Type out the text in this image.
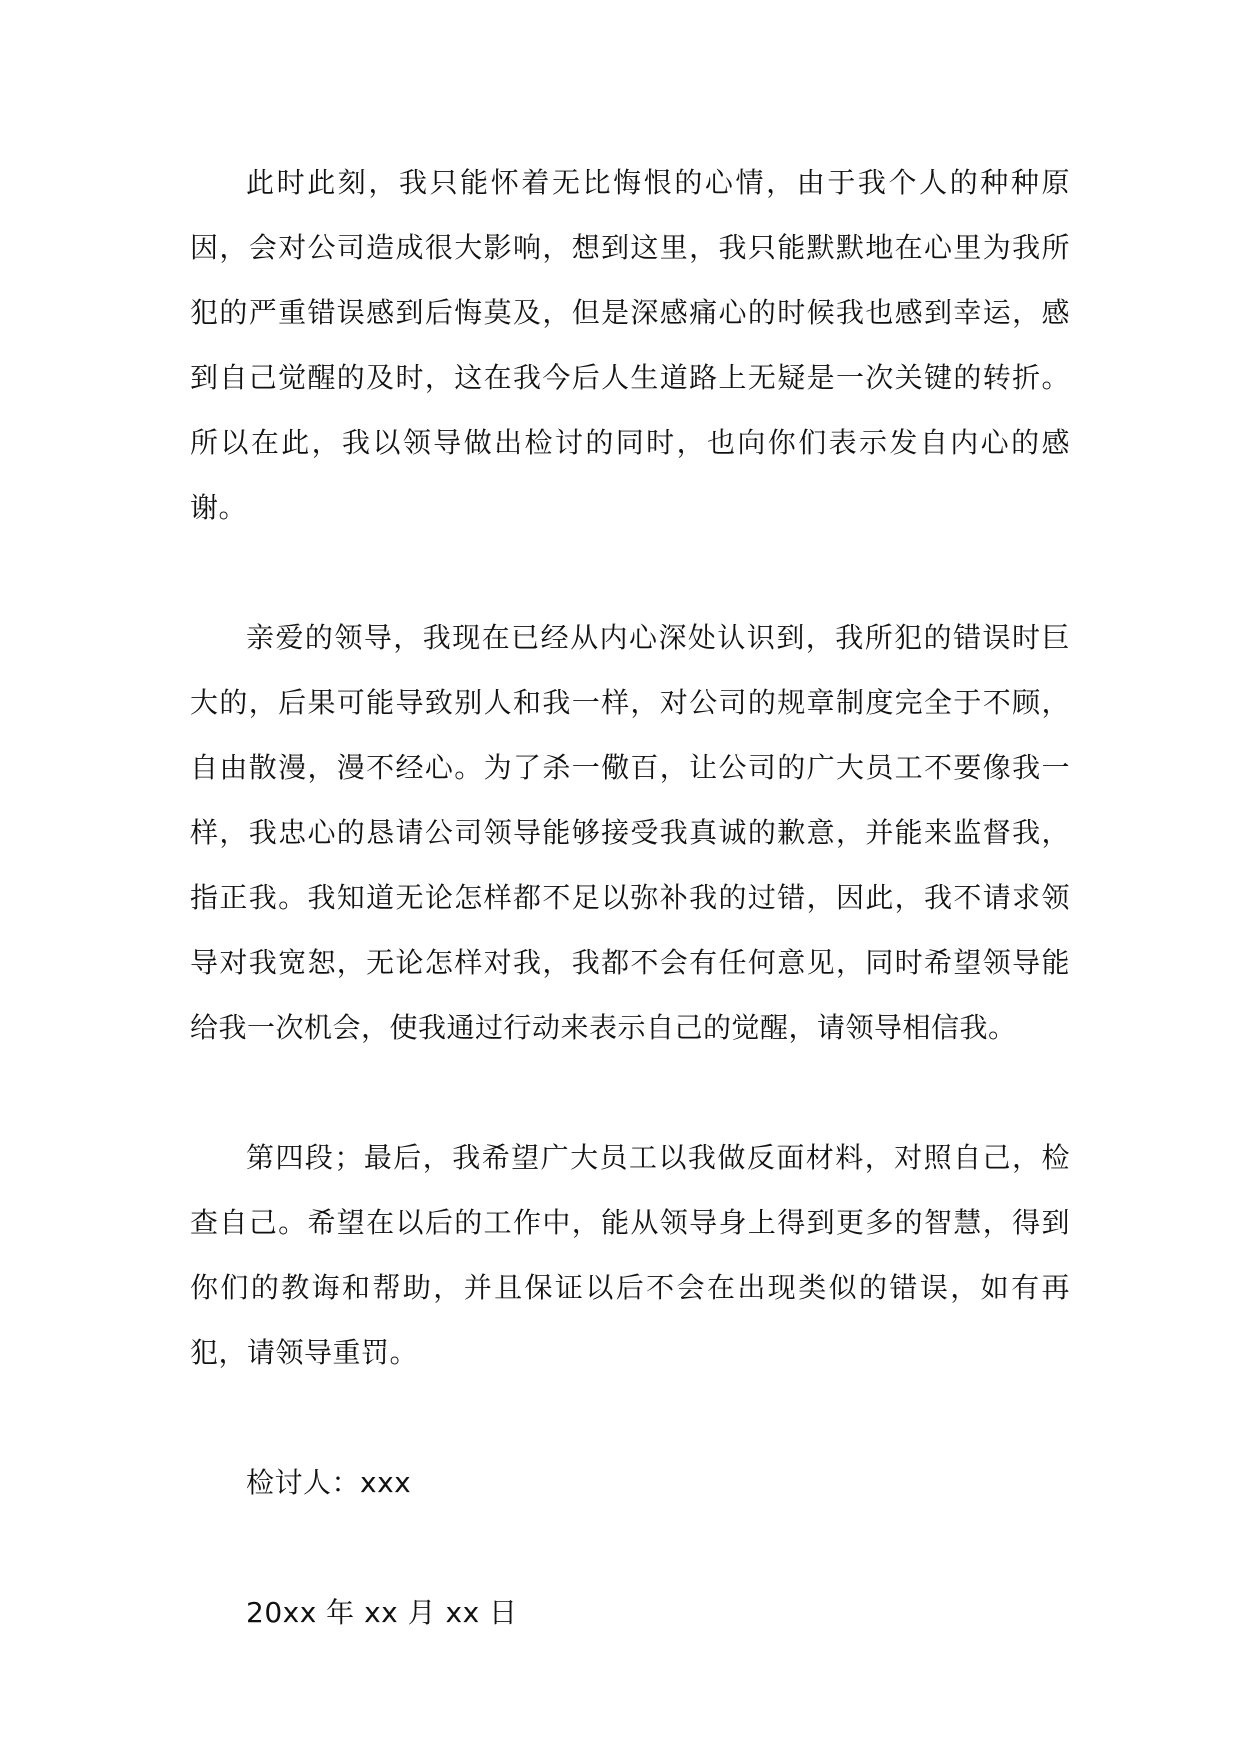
此时此刻，我只能怀着无比悔恨的心情，由于我个人的种种原因，会对公司造成很大影响，想到这里，我只能默默地在心里为我所犯的严重错误感到后悔莫及，但是深感痛心的时候我也感到幸运，感到自己觉醒的及时，这在我今后人生道路上无疑是一次关键的转折。所以在此，我以领导做出检讨的同时，也向你们表示发自内心的感谢。

亲爱的领导，我现在已经从内心深处认识到，我所犯的错误时巨大的，后果可能导致别人和我一样，对公司的规章制度完全于不顾，自由散漫，漫不经心。为了杀一儆百，让公司的广大员工不要像我一样，我忠心的恳请公司领导能够接受我真诚的歉意，并能来监督我，指正我。我知道无论怎样都不足以弥补我的过错，因此，我不请求领导对我宽恕，无论怎样对我，我都不会有任何意见，同时希望领导能给我一次机会，使我通过行动来表示自己的觉醒，请领导相信我。

第四段；最后，我希望广大员工以我做反面材料，对照自己，检查自己。希望在以后的工作中，能从领导身上得到更多的智慧，得到你们的教诲和帮助，并且保证以后不会在出现类似的错误，如有再犯，请领导重罚。

检讨人：xxx

20xx 年 xx 月 xx 日
